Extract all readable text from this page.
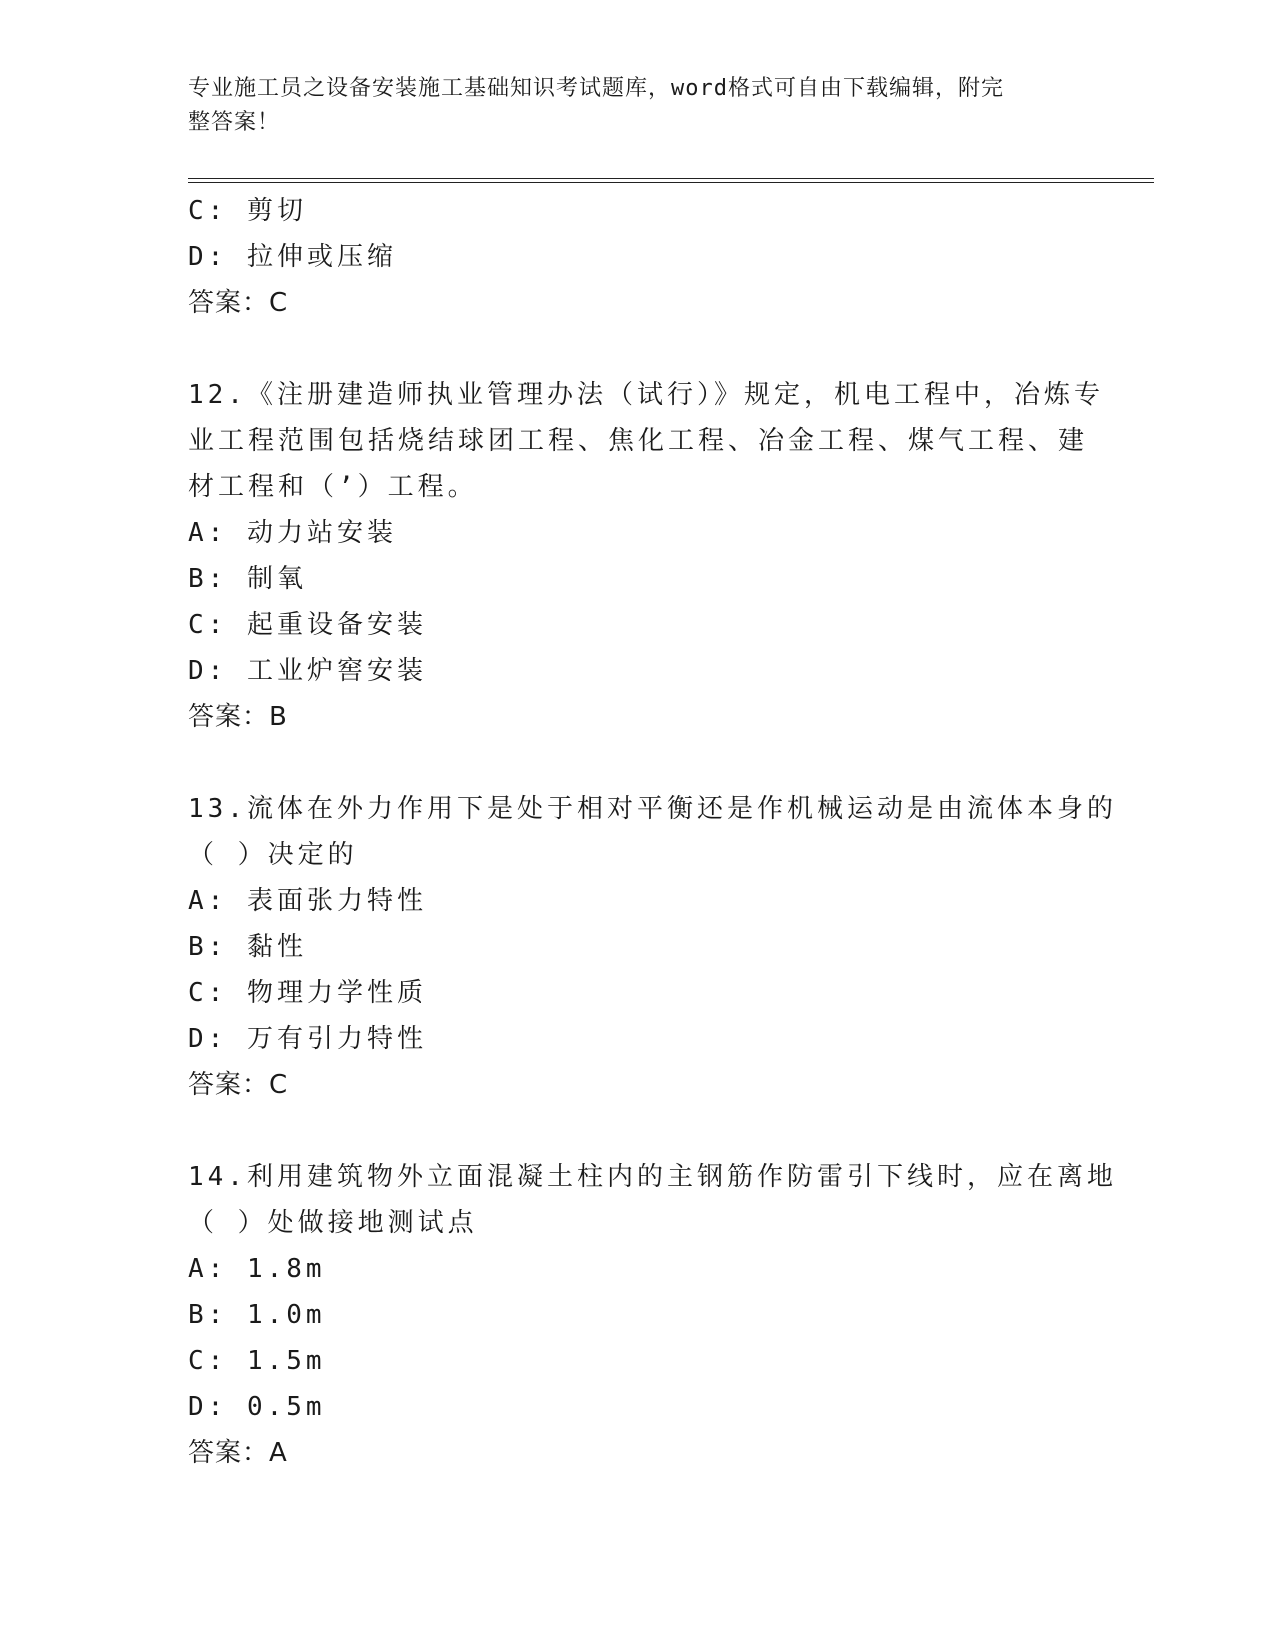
专业施工员之设备安装施工基础知识考试题库，word格式可自由下载编辑，附完
整答案！
C: 剪切
D: 拉伸或压缩
答案：C
12.《注册建造师执业管理办法（试行）》规定，机电工程中，冶炼专
业工程范围包括烧结球团工程、焦化工程、冶金工程、煤气工程、建
材工程和（’）工程。
A: 动力站安装
B: 制氧
C: 起重设备安装
D: 工业炉窖安装
答案：B
13.流体在外力作用下是处于相对平衡还是作机械运动是由流体本身的
（ ）决定的
A: 表面张力特性
B: 黏性
C: 物理力学性质
D: 万有引力特性
答案：C
14.利用建筑物外立面混凝土柱内的主钢筋作防雷引下线时，应在离地
（ ）处做接地测试点
A: 1.8m
B: 1.0m
C: 1.5m
D: 0.5m
答案：A
